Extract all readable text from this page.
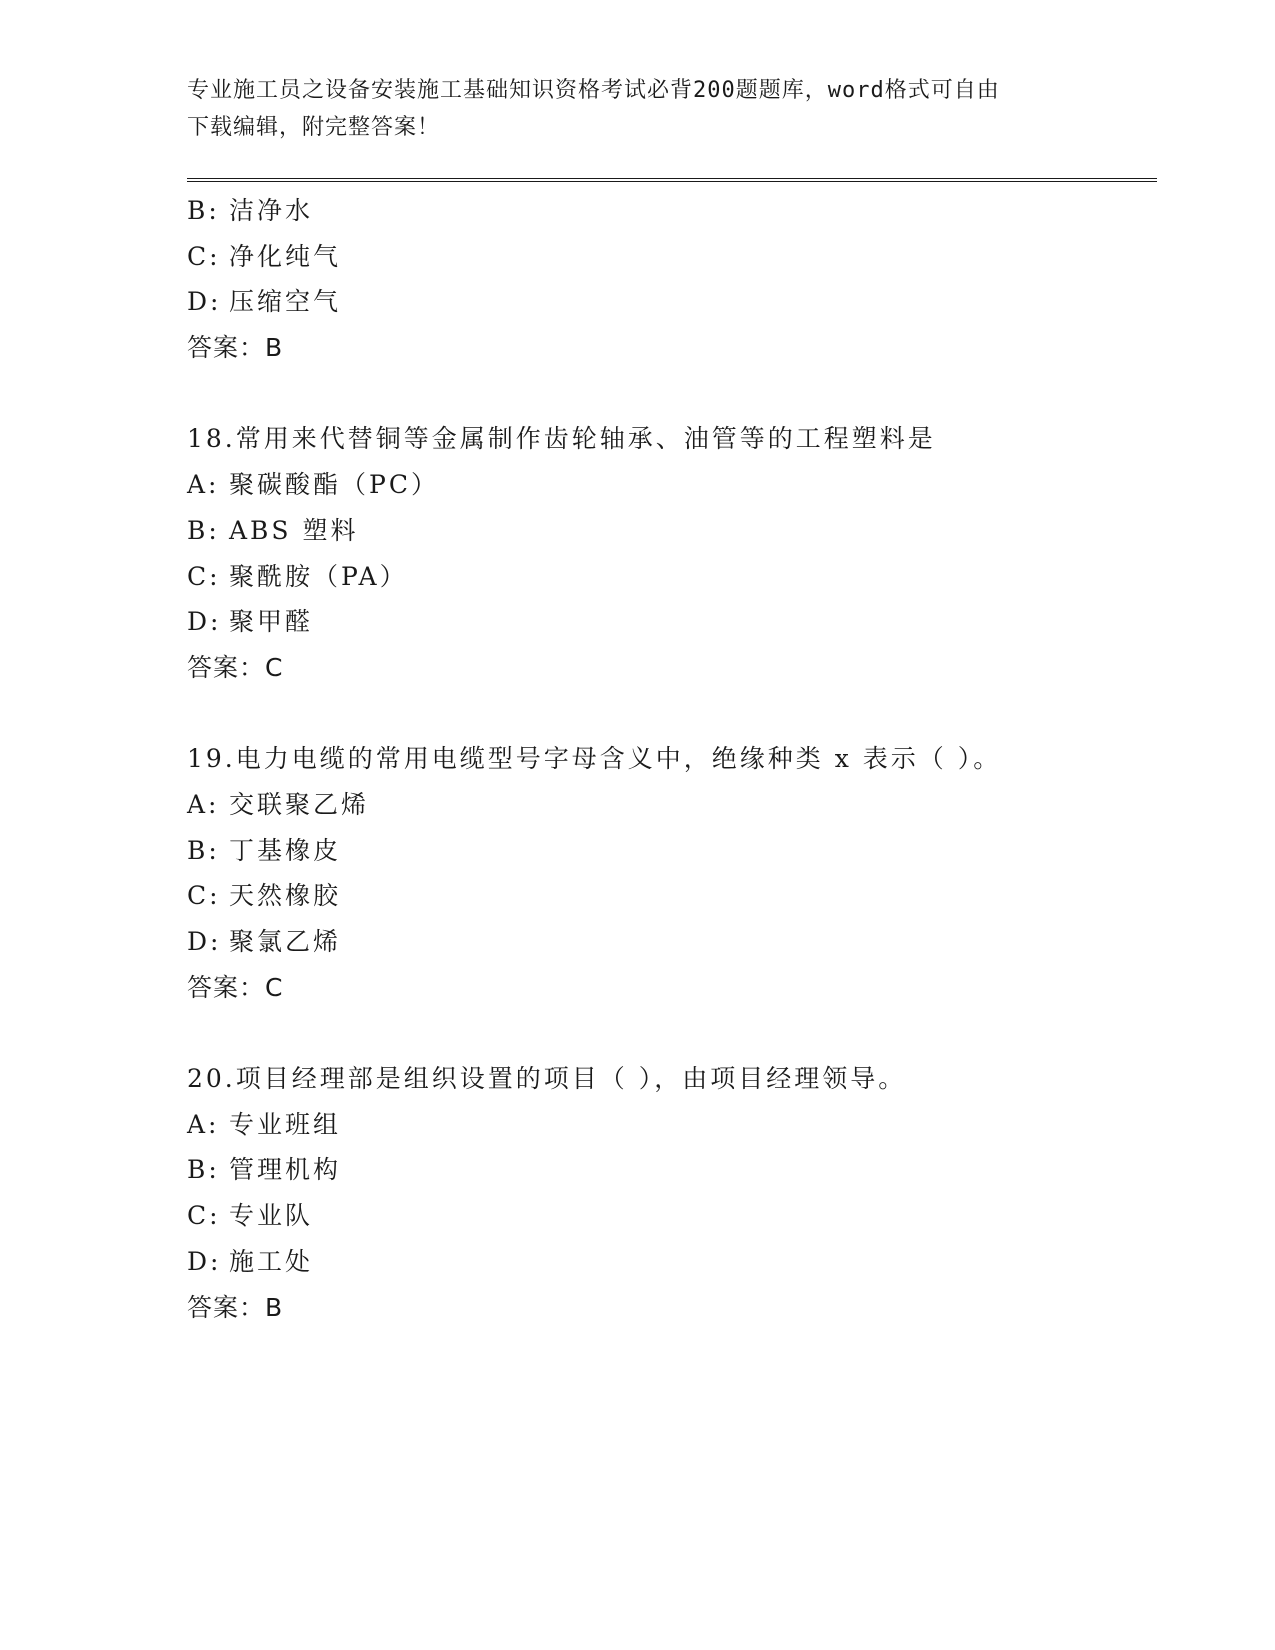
专业施工员之设备安装施工基础知识资格考试必背200题题库，word格式可自由
下载编辑，附完整答案！
B: 洁净水
C: 净化纯气
D: 压缩空气
答案：B
18.常用来代替铜等金属制作齿轮轴承、油管等的工程塑料是
A: 聚碳酸酯（PC）
B: ABS 塑料
C: 聚酰胺（PA）
D: 聚甲醛
答案：C
19.电力电缆的常用电缆型号字母含义中，绝缘种类 x 表示（ ）。
A: 交联聚乙烯
B: 丁基橡皮
C: 天然橡胶
D: 聚氯乙烯
答案：C
20.项目经理部是组织设置的项目（ ），由项目经理领导。
A: 专业班组
B: 管理机构
C: 专业队
D: 施工处
答案：B
